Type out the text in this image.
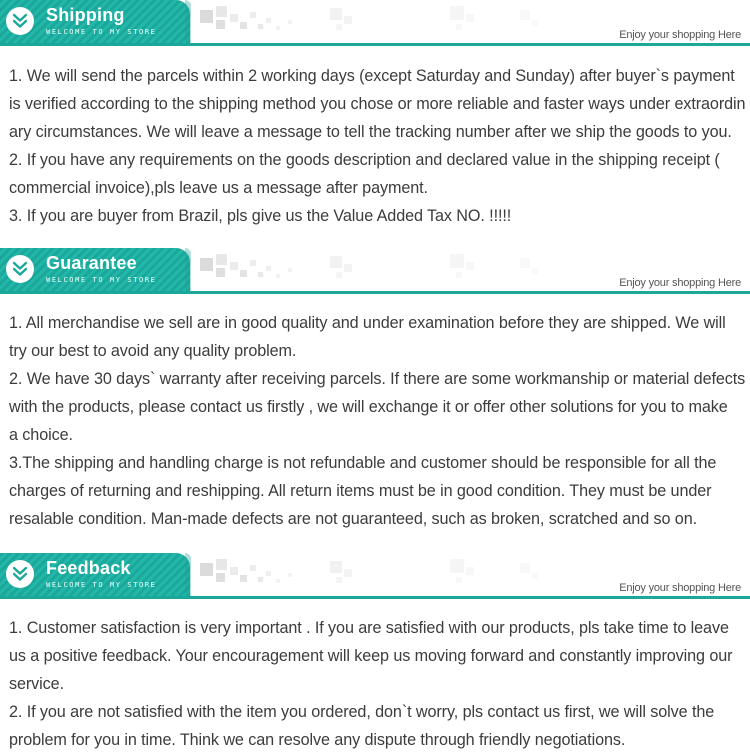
Shipping
WELCOME TO MY STORE	Enjoy your shopping Here

1. We will send the parcels within 2 working days (except Saturday and Sunday) after buyer`s payment

is verified according to the shipping method you chose or more reliable and faster ways under extraordin

ary circumstances. We will leave a message to tell the tracking number after we ship the goods to you.

2. If you have any requirements on the goods description and declared value in the shipping receipt (

commercial invoice),pls leave us a message after payment.

3. If you are buyer from Brazil, pls give us the Value Added Tax NO. !!!!!

Guarantee
WELCOME TO MY STORE	Enjoy your shopping Here

1. All merchandise we sell are in good quality and under examination before they are shipped. We will

try our best to avoid any quality problem.

2. We have 30 days` warranty after receiving parcels. If there are some workmanship or material defects

with the products, please contact us firstly , we will exchange it or offer other solutions for you to make

a choice.

3.The shipping and handling charge is not refundable and customer should be responsible for all the

charges of returning and reshipping. All return items must be in good condition. They must be under

resalable condition. Man-made defects are not guaranteed, such as broken, scratched and so on.

Feedback
WELCOME TO MY STORE	Enjoy your shopping Here

1. Customer satisfaction is very important . If you are satisfied with our products, pls take time to leave

us a positive feedback. Your encouragement will keep us moving forward and constantly improving our

service.

2. If you are not satisfied with the item you ordered, don`t worry, pls contact us first, we will solve the

problem for you in time. Think we can resolve any dispute through friendly negotiations.
